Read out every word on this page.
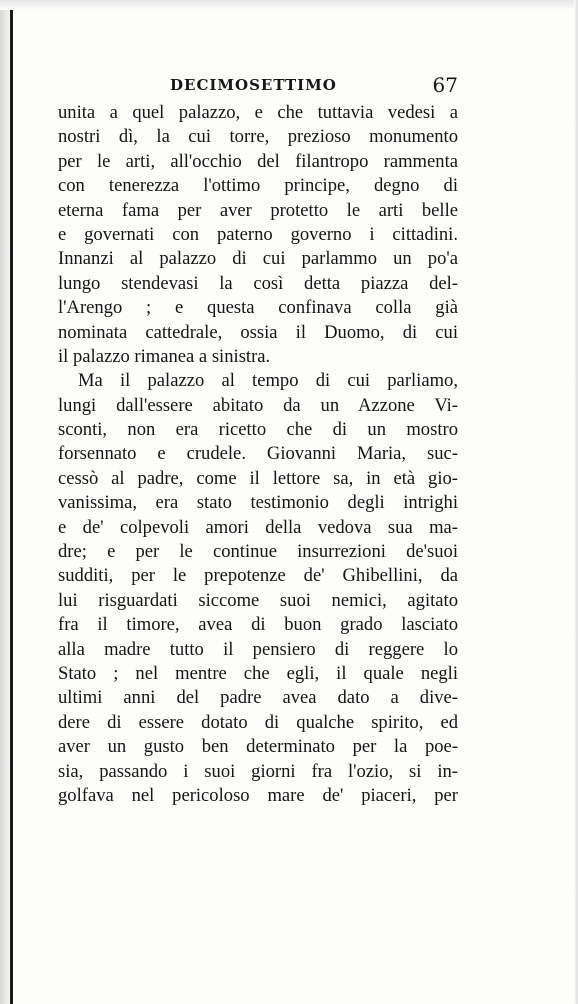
DECIMOSETTIMO	67
unita a quel palazzo, e che tuttavia vedesi a
nostri dì, la cui torre, prezioso monumento
per le arti, all'occhio del filantropo rammenta
con tenerezza l'ottimo principe, degno di
eterna fama per aver protetto le arti belle
e governati con paterno governo i cittadini.
Innanzi al palazzo di cui parlammo un po'a
lungo stendevasi la così detta piazza del-
l'Arengo ; e questa confinava colla già
nominata cattedrale, ossia il Duomo, di cui
il palazzo rimanea a sinistra.
Ma il palazzo al tempo di cui parliamo,
lungi dall'essere abitato da un Azzone Vi-
sconti, non era ricetto che di un mostro
forsennato e crudele. Giovanni Maria, suc-
cessò al padre, come il lettore sa, in età gio-
vanissima, era stato testimonio degli intrighi
e de' colpevoli amori della vedova sua ma-
dre; e per le continue insurrezioni de'suoi
sudditi, per le prepotenze de' Ghibellini, da
lui risguardati siccome suoi nemici, agitato
fra il timore, avea di buon grado lasciato
alla madre tutto il pensiero di reggere lo
Stato ; nel mentre che egli, il quale negli
ultimi anni del padre avea dato a dive-
dere di essere dotato di qualche spirito, ed
aver un gusto ben determinato per la poe-
sia, passando i suoi giorni fra l'ozio, si in-
golfava nel pericoloso mare de' piaceri, per
